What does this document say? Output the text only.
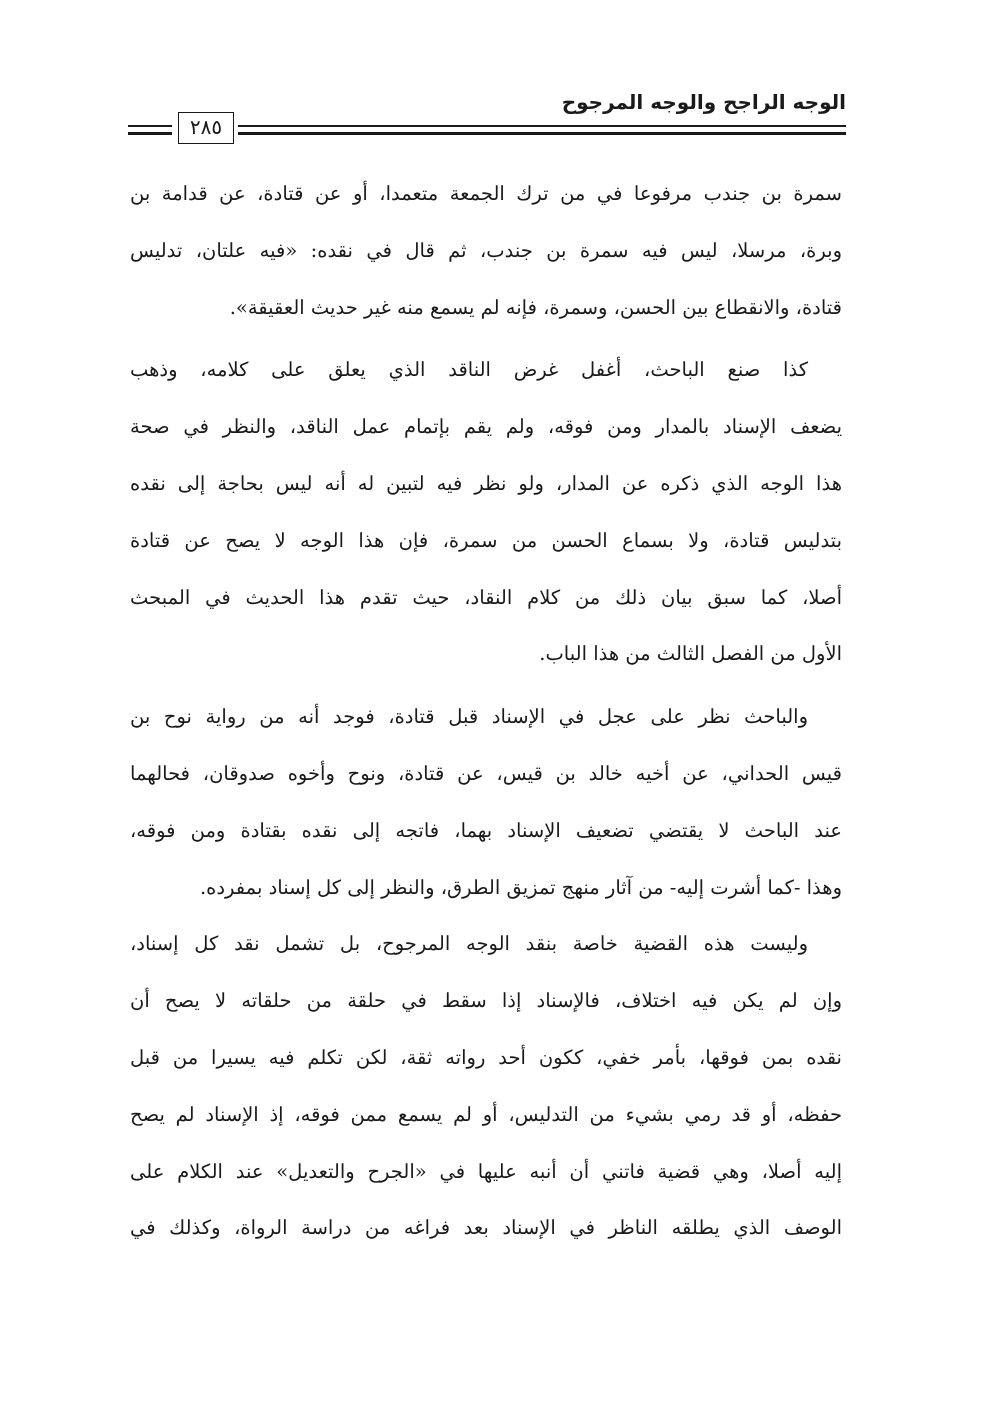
الوجه الراجح والوجه المرجوح
٢٨٥
سمرة بن جندب مرفوعا في من ترك الجمعة متعمدا، أو عن قتادة، عن قدامة بن
وبرة، مرسلا، ليس فيه سمرة بن جندب، ثم قال في نقده: «فيه علتان، تدليس
قتادة، والانقطاع بين الحسن، وسمرة، فإنه لم يسمع منه غير حديث العقيقة».
كذا صنع الباحث، أغفل غرض الناقد الذي يعلق على كلامه، وذهب
يضعف الإسناد بالمدار ومن فوقه، ولم يقم بإتمام عمل الناقد، والنظر في صحة
هذا الوجه الذي ذكره عن المدار، ولو نظر فيه لتبين له أنه ليس بحاجة إلى نقده
بتدليس قتادة، ولا بسماع الحسن من سمرة، فإن هذا الوجه لا يصح عن قتادة
أصلا، كما سبق بيان ذلك من كلام النقاد، حيث تقدم هذا الحديث في المبحث
الأول من الفصل الثالث من هذا الباب.
والباحث نظر على عجل في الإسناد قبل قتادة، فوجد أنه من رواية نوح بن
قيس الحداني، عن أخيه خالد بن قيس، عن قتادة، ونوح وأخوه صدوقان، فحالهما
عند الباحث لا يقتضي تضعيف الإسناد بهما، فاتجه إلى نقده بقتادة ومن فوقه،
وهذا -كما أشرت إليه- من آثار منهج تمزيق الطرق، والنظر إلى كل إسناد بمفرده.
وليست هذه القضية خاصة بنقد الوجه المرجوح، بل تشمل نقد كل إسناد،
وإن لم يكن فيه اختلاف، فالإسناد إذا سقط في حلقة من حلقاته لا يصح أن
نقده بمن فوقها، بأمر خفي، ككون أحد رواته ثقة، لكن تكلم فيه يسيرا من قبل
حفظه، أو قد رمي بشيء من التدليس، أو لم يسمع ممن فوقه، إذ الإسناد لم يصح
إليه أصلا، وهي قضية فاتني أن أنبه عليها في «الجرح والتعديل» عند الكلام على
الوصف الذي يطلقه الناظر في الإسناد بعد فراغه من دراسة الرواة، وكذلك في
